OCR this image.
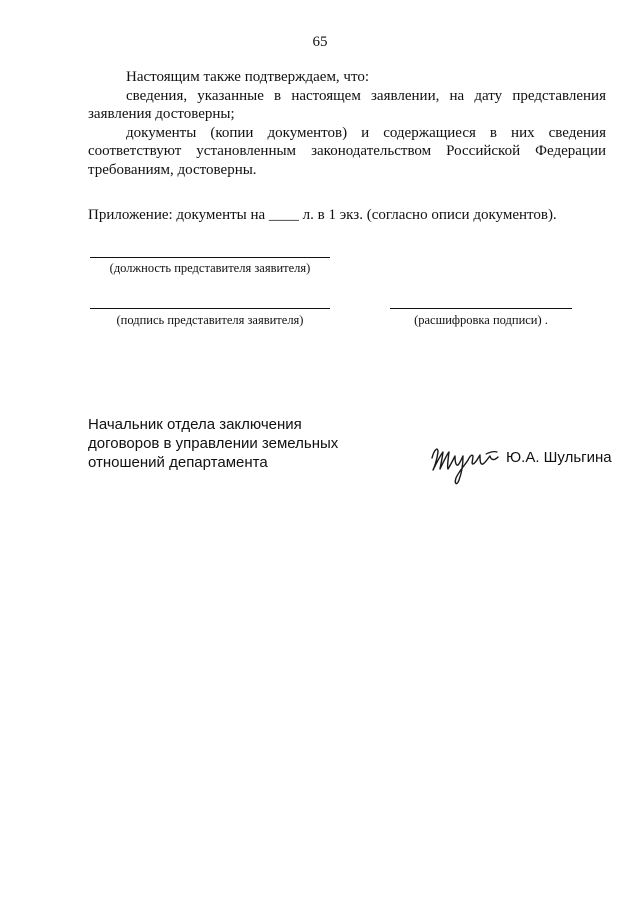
65

Настоящим также подтверждаем, что:

сведения, указанные в настоящем заявлении, на дату представления заявления достоверны;

документы (копии документов) и содержащиеся в них сведения соответствуют установленным законодательством Российской Федерации требованиям, достоверны.

Приложение: документы на ____ л. в 1 экз. (согласно описи документов).
(должность представителя заявителя)
(подпись представителя заявителя)	(расшифровка подписи) .
Начальник отдела заключения
договоров в управлении земельных
отношений департамента	Ю.А. Шульгина
